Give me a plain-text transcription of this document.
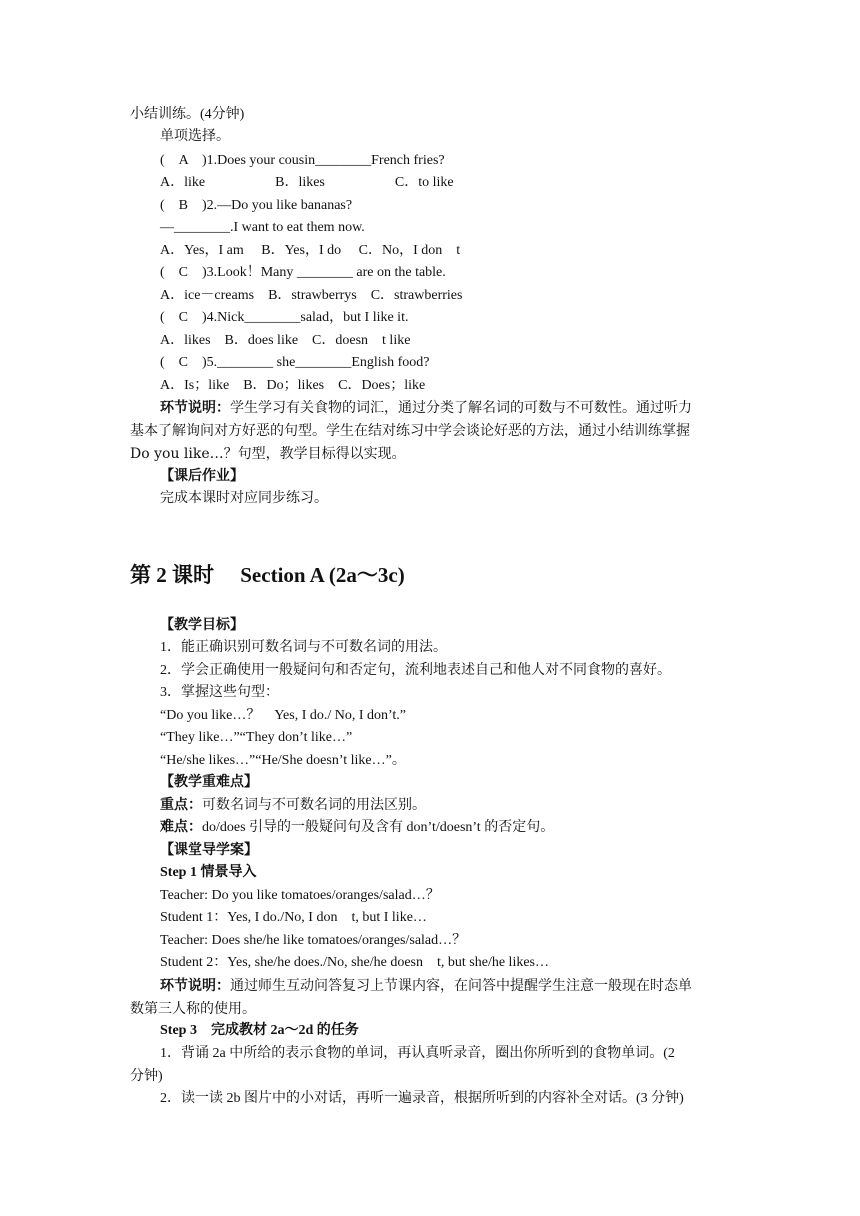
小结训练。(4分钟)
单项选择。
(　A　)1.Does your cousin________French fries?
A．like　　　　　B．likes　　　　　C．to like
(　B　)2.—Do you like bananas?
—________.I want to eat them now.
A．Yes，I am　 B．Yes，I do　 C．No，I don　t
(　C　)3.Look！Many ________ are on the table.
A．ice－creams　B．strawberrys　C．strawberries
(　C　)4.Nick________salad，but I like it.
A．likes　B．does like　C．doesn　t like
(　C　)5.________ she________English food?
A．Is；like　B．Do；likes　C．Does；like
环节说明：学生学习有关食物的词汇，通过分类了解名词的可数与不可数性。通过听力
基本了解询问对方好恶的句型。学生在结对练习中学会谈论好恶的方法，通过小结训练掌握
Do you like…？句型，教学目标得以实现。
【课后作业】
完成本课时对应同步练习。
第 2 课时　 Section A (2a～3c)
【教学目标】
1．能正确识别可数名词与不可数名词的用法。
2．学会正确使用一般疑问句和否定句，流利地表述自己和他人对不同食物的喜好。
3．掌握这些句型：
“Do you like…？　Yes, I do./ No, I don’t.”
“They like…”“They don’t like…”
“He/she likes…”“He/She doesn’t like…”。
【教学重难点】
重点：可数名词与不可数名词的用法区别。
难点：do/does 引导的一般疑问句及含有 don’t/doesn’t 的否定句。
【课堂导学案】
Step 1 情景导入
Teacher: Do you like tomatoes/oranges/salad…？
Student 1：Yes, I do./No, I don　t, but I like…
Teacher: Does she/he like tomatoes/oranges/salad…？
Student 2：Yes, she/he does./No, she/he doesn　t, but she/he likes…
环节说明：通过师生互动问答复习上节课内容，在问答中提醒学生注意一般现在时态单
数第三人称的使用。
Step 3　完成教材 2a～2d 的任务
1．背诵 2a 中所给的表示食物的单词，再认真听录音，圈出你所听到的食物单词。(2
分钟)
2．读一读 2b 图片中的小对话，再听一遍录音，根据所听到的内容补全对话。(3 分钟)
